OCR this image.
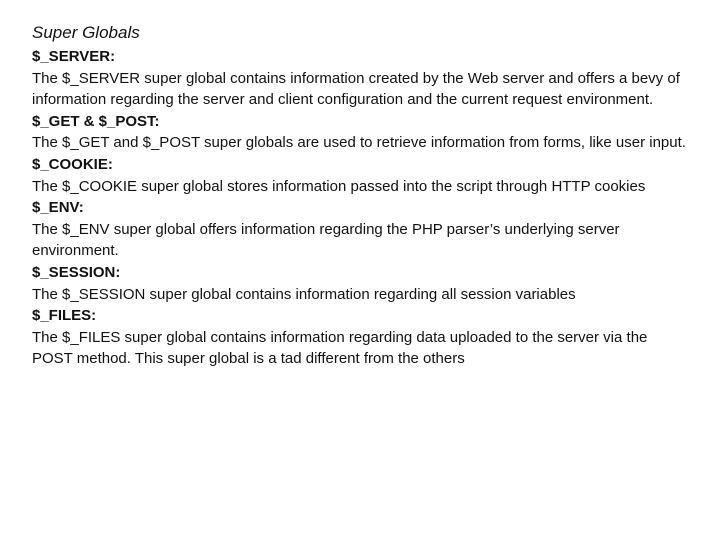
Super Globals

$_SERVER:

The $_SERVER super global contains information created by the Web server and offers a bevy of information regarding the server and client configuration and the current request environment.

$_GET & $_POST:

The $_GET and $_POST super globals are used to retrieve information from forms, like user input.

$_COOKIE:

The $_COOKIE super global stores information passed into the script through HTTP cookies

$_ENV:

The $_ENV super global offers information regarding the PHP parser’s underlying server environment.

$_SESSION:

The $_SESSION super global contains information regarding all session variables

$_FILES:

The $_FILES super global contains information regarding data uploaded to the server via the POST method. This super global is a tad different from the others
